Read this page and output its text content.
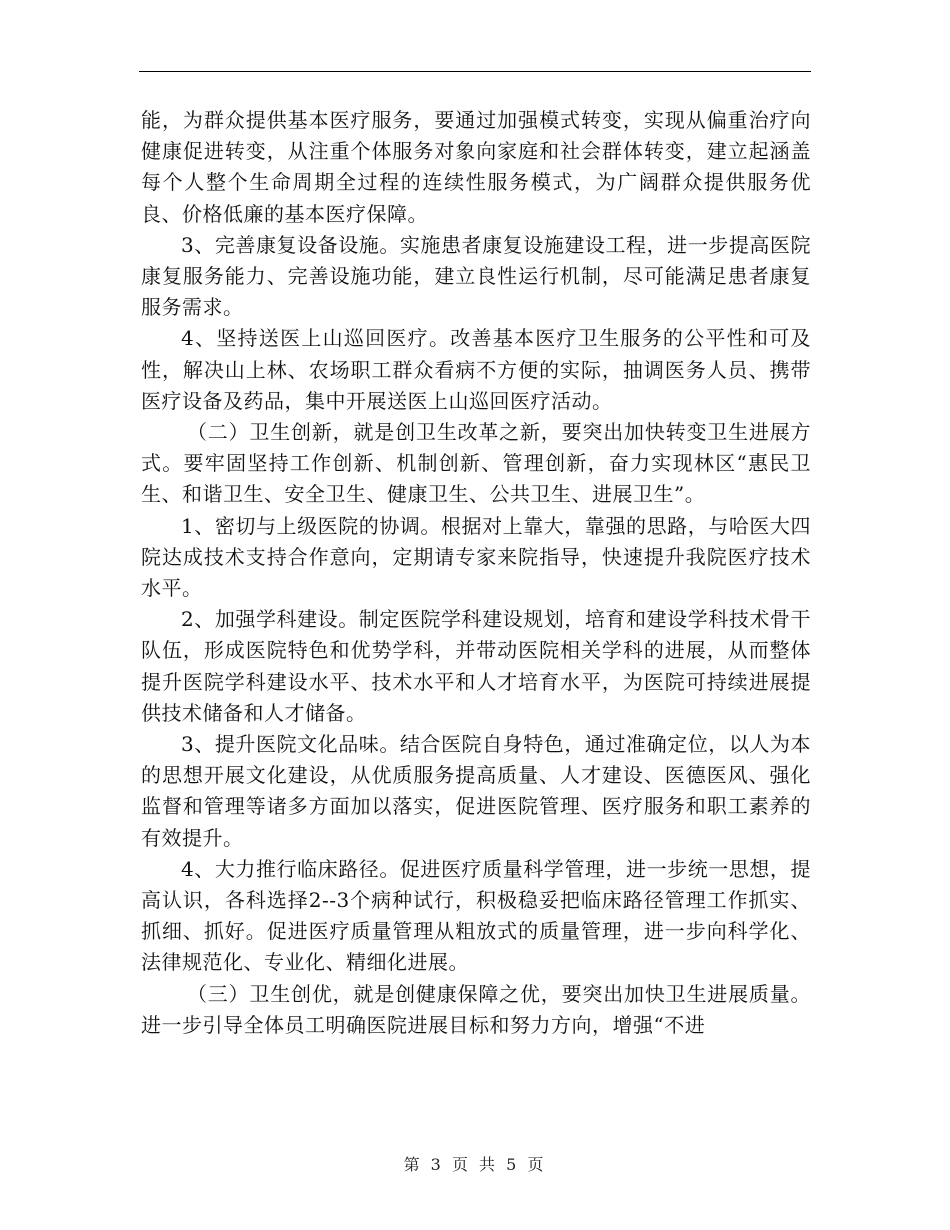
能，为群众提供基本医疗服务，要通过加强模式转变，实现从偏重治疗向健康促进转变，从注重个体服务对象向家庭和社会群体转变，建立起涵盖每个人整个生命周期全过程的连续性服务模式，为广阔群众提供服务优良、价格低廉的基本医疗保障。

3、完善康复设备设施。实施患者康复设施建设工程，进一步提高医院康复服务能力、完善设施功能，建立良性运行机制，尽可能满足患者康复服务需求。

4、坚持送医上山巡回医疗。改善基本医疗卫生服务的公平性和可及性，解决山上林、农场职工群众看病不方便的实际，抽调医务人员、携带医疗设备及药品，集中开展送医上山巡回医疗活动。

（二）卫生创新，就是创卫生改革之新，要突出加快转变卫生进展方式。要牢固坚持工作创新、机制创新、管理创新，奋力实现林区“惠民卫生、和谐卫生、安全卫生、健康卫生、公共卫生、进展卫生”。

1、密切与上级医院的协调。根据对上靠大，靠强的思路，与哈医大四院达成技术支持合作意向，定期请专家来院指导，快速提升我院医疗技术水平。

2、加强学科建设。制定医院学科建设规划，培育和建设学科技术骨干队伍，形成医院特色和优势学科，并带动医院相关学科的进展，从而整体提升医院学科建设水平、技术水平和人才培育水平，为医院可持续进展提供技术储备和人才储备。

3、提升医院文化品味。结合医院自身特色，通过准确定位，以人为本的思想开展文化建设，从优质服务提高质量、人才建设、医德医风、强化监督和管理等诸多方面加以落实，促进医院管理、医疗服务和职工素养的有效提升。

4、大力推行临床路径。促进医疗质量科学管理，进一步统一思想，提高认识，各科选择2--3个病种试行，积极稳妥把临床路径管理工作抓实、抓细、抓好。促进医疗质量管理从粗放式的质量管理，进一步向科学化、法律规范化、专业化、精细化进展。

（三）卫生创优，就是创健康保障之优，要突出加快卫生进展质量。进一步引导全体员工明确医院进展目标和努力方向，增强“不进

第 3 页 共 5 页
